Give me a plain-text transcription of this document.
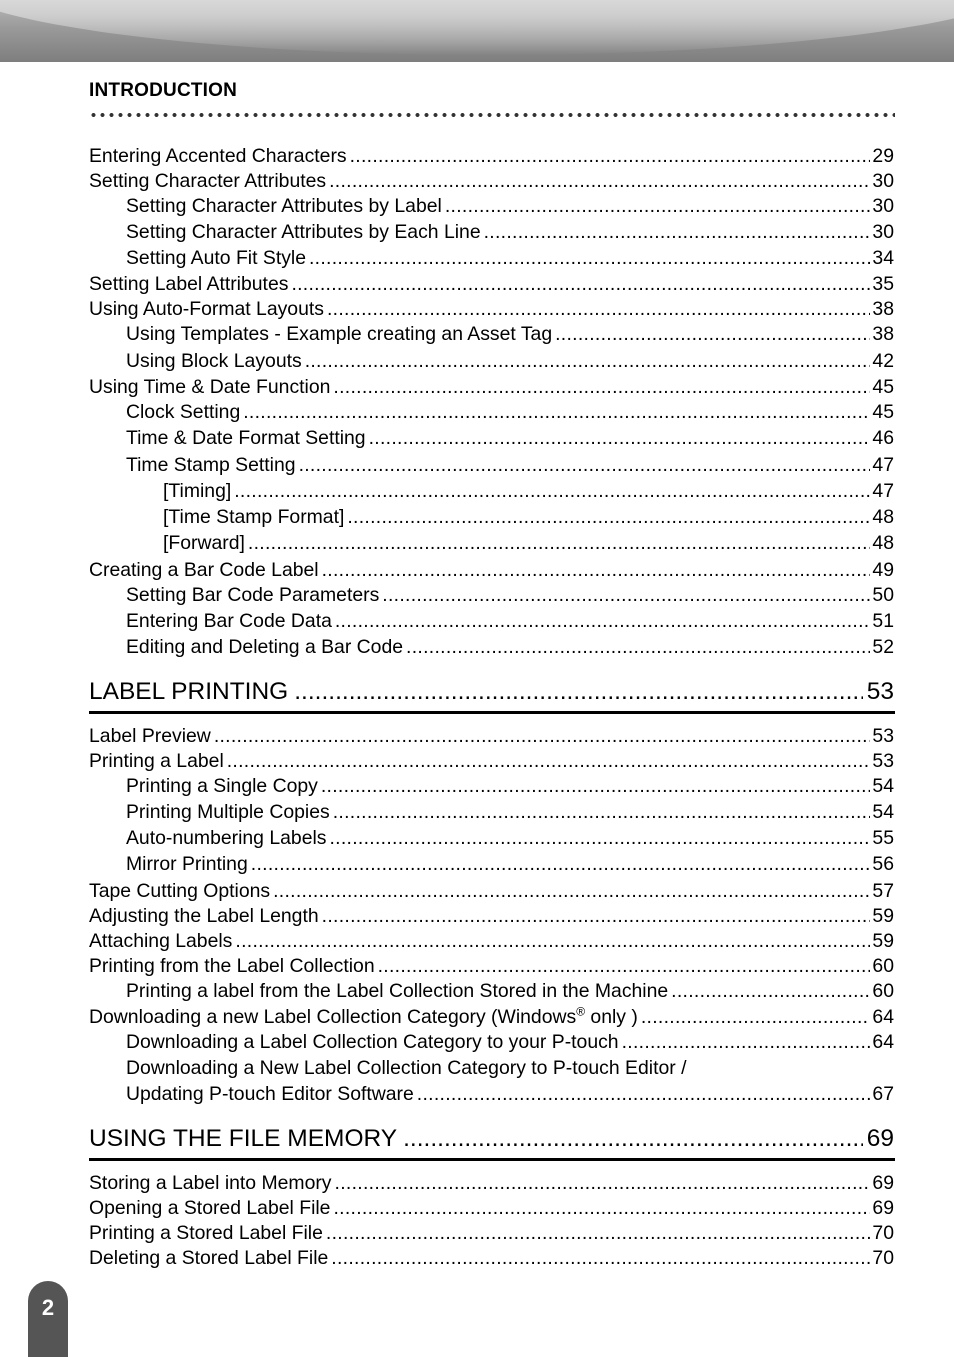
INTRODUCTION
Entering Accented Characters .....	29
Setting Character Attributes .....	30
Setting Character Attributes by Label .....	30
Setting Character Attributes by Each Line .....	30
Setting Auto Fit Style .....	34
Setting Label Attributes .....	35
Using Auto-Format Layouts .....	38
Using Templates - Example creating an Asset Tag .....	38
Using Block Layouts .....	42
Using Time & Date Function .....	45
Clock Setting .....	45
Time & Date Format Setting .....	46
Time Stamp Setting .....	47
[Timing] .....	47
[Time Stamp Format] .....	48
[Forward] .....	48
Creating a Bar Code Label .....	49
Setting Bar Code Parameters .....	50
Entering Bar Code Data .....	51
Editing and Deleting a Bar Code .....	52
LABEL PRINTING .....	53
Label Preview .....	53
Printing a Label .....	53
Printing a Single Copy .....	54
Printing Multiple Copies .....	54
Auto-numbering Labels .....	55
Mirror Printing .....	56
Tape Cutting Options .....	57
Adjusting the Label Length .....	59
Attaching Labels .....	59
Printing from the Label Collection .....	60
Printing a label from the Label Collection Stored in the Machine .....	60
Downloading a new Label Collection Category (Windows® only ) .....	64
Downloading a Label Collection Category to your P-touch .....	64
Downloading a New Label Collection Category to P-touch Editor /
Updating P-touch Editor Software .....	67
USING THE FILE MEMORY .....	69
Storing a Label into Memory .....	69
Opening a Stored Label File .....	69
Printing a Stored Label File .....	70
Deleting a Stored Label File .....	70
2
